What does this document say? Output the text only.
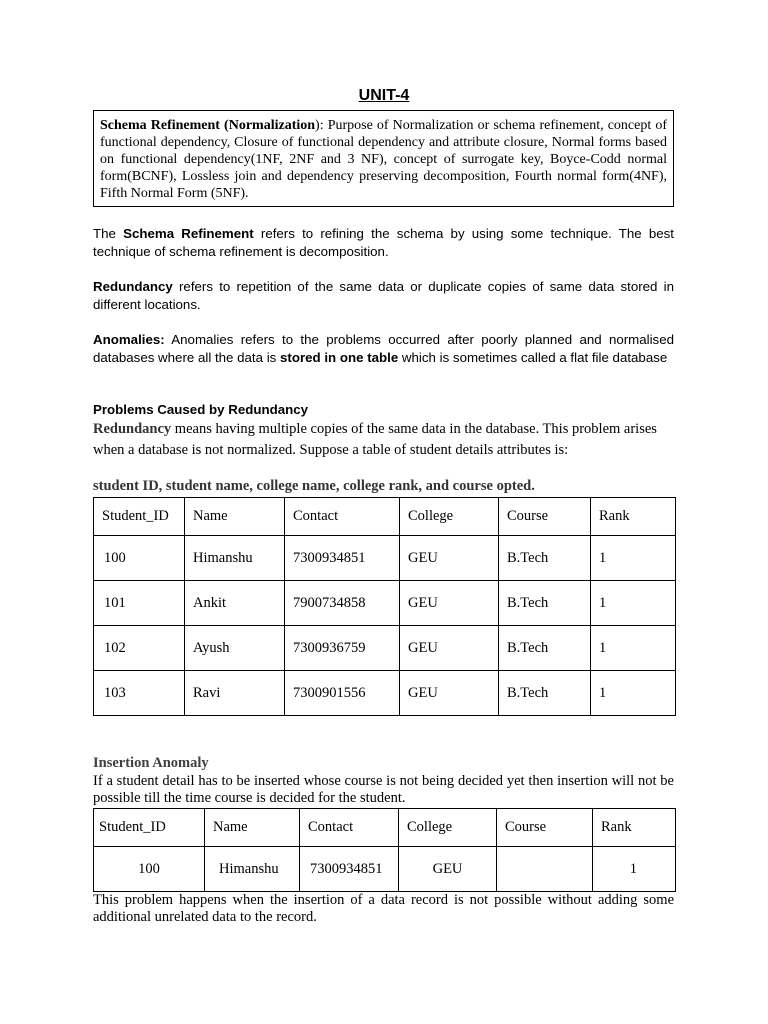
UNIT-4
Schema Refinement (Normalization): Purpose of Normalization or schema refinement, concept of functional dependency, Closure of functional dependency and attribute closure, Normal forms based on functional dependency(1NF, 2NF and 3 NF), concept of surrogate key, Boyce-Codd normal form(BCNF), Lossless join and dependency preserving decomposition, Fourth normal form(4NF), Fifth Normal Form (5NF).

The Schema Refinement refers to refining the schema by using some technique. The best technique of schema refinement is decomposition.

Redundancy refers to repetition of the same data or duplicate copies of same data stored in different locations.

Anomalies: Anomalies refers to the problems occurred after poorly planned and normalised databases where all the data is stored in one table which is sometimes called a flat file database

Problems Caused by Redundancy

Redundancy means having multiple copies of the same data in the database. This problem arises when a database is not normalized. Suppose a table of student details attributes is:

student ID, student name, college name, college rank, and course opted.

Student_ID	Name	Contact	College	Course	Rank
100	Himanshu	7300934851	GEU	B.Tech	1
101	Ankit	7900734858	GEU	B.Tech	1
102	Ayush	7300936759	GEU	B.Tech	1
103	Ravi	7300901556	GEU	B.Tech	1

Insertion Anomaly

If a student detail has to be inserted whose course is not being decided yet then insertion will not be possible till the time course is decided for the student.

Student_ID	Name	Contact	College	Course	Rank
100	Himanshu	7300934851	GEU		1

This problem happens when the insertion of a data record is not possible without adding some additional unrelated data to the record.
